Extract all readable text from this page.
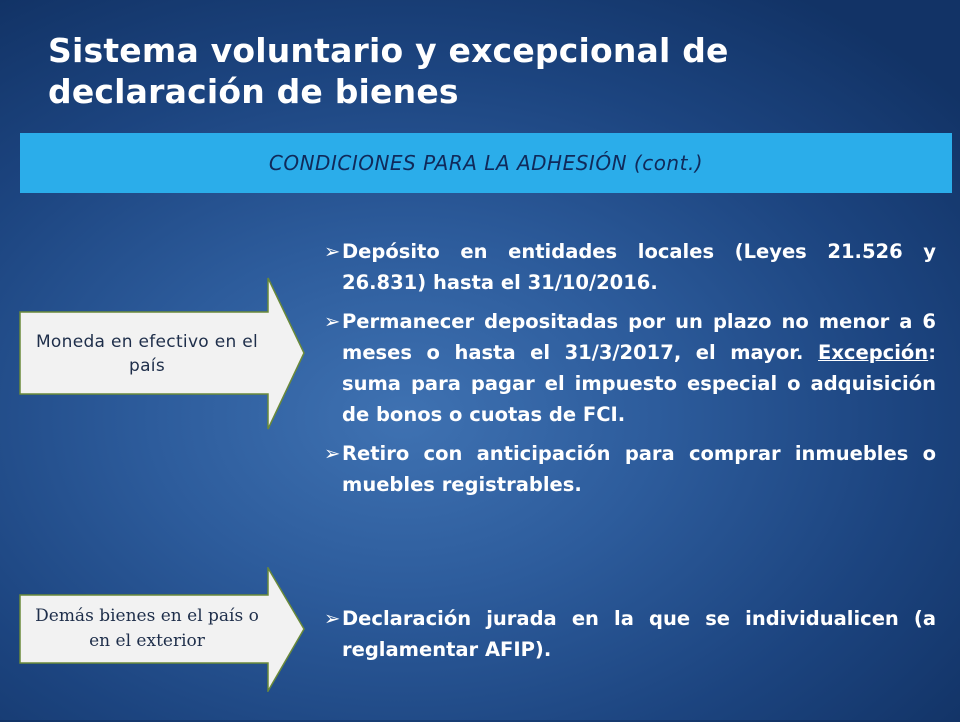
Sistema voluntario y excepcional de declaración de bienes
CONDICIONES PARA LA ADHESIÓN (cont.)
Moneda en efectivo en el país
➢ Depósito en entidades locales (Leyes 21.526 y 26.831) hasta el 31/10/2016.
➢ Permanecer depositadas por un plazo no menor a 6 meses o hasta el 31/3/2017, el mayor. Excepción: suma para pagar el impuesto especial o adquisición de bonos o cuotas de FCI.
➢ Retiro con anticipación para comprar inmuebles o muebles registrables.
➢ Declaración jurada en la que se individualicen (a reglamentar AFIP).
Demás bienes en el país o en el exterior
